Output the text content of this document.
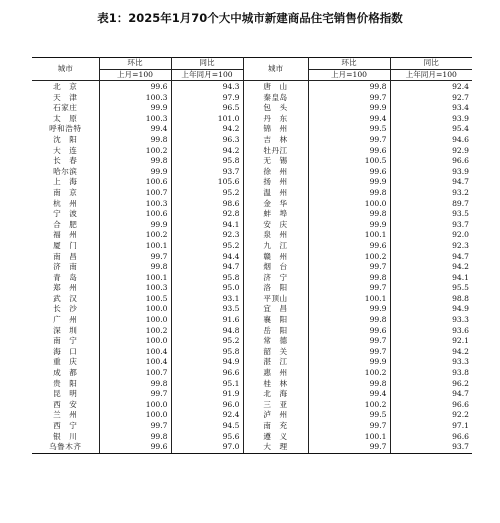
表1：2025年1月70个大中城市新建商品住宅销售价格指数
城市	环比	同比	城市	环比	同比
	上月=100	上年同月=100		上月=100	上年同月=100
北　京	99.6	94.3	唐　山	99.8	92.4
天　津	100.3	97.9	秦皇岛	99.7	92.7
石家庄	99.9	96.5	包　头	99.9	93.4
太　原	100.3	101.0	丹　东	99.4	93.9
呼和浩特	99.4	94.2	锦　州	99.5	95.4
沈　阳	99.8	96.3	吉　林	99.7	94.6
大　连	100.2	94.2	牡丹江	99.6	92.9
长　春	99.8	95.8	无　锡	100.5	96.6
哈尔滨	99.9	93.7	徐　州	99.6	93.9
上　海	100.6	105.6	扬　州	99.9	94.7
南　京	100.7	95.2	温　州	99.8	93.2
杭　州	100.3	98.6	金　华	100.0	89.7
宁　波	100.6	92.8	蚌　埠	99.8	93.5
合　肥	99.9	94.1	安　庆	99.9	93.7
福　州	100.2	92.3	泉　州	100.1	92.0
厦　门	100.1	95.2	九　江	99.6	92.3
南　昌	99.7	94.4	赣　州	100.2	94.7
济　南	99.8	94.7	烟　台	99.7	94.2
青　岛	100.1	95.8	济　宁	99.8	94.1
郑　州	100.3	95.0	洛　阳	99.7	95.5
武　汉	100.5	93.1	平顶山	100.1	98.8
长　沙	100.0	93.5	宜　昌	99.9	94.9
广　州	100.0	91.6	襄　阳	99.8	93.3
深　圳	100.2	94.8	岳　阳	99.6	93.6
南　宁	100.0	95.2	常　德	99.7	92.1
海　口	100.4	95.8	韶　关	99.7	94.2
重　庆	100.4	94.9	湛　江	99.9	93.3
成　都	100.7	96.6	惠　州	100.2	93.8
贵　阳	99.8	95.1	桂　林	99.8	96.2
昆　明	99.7	91.9	北　海	99.4	94.7
西　安	100.0	96.0	三　亚	100.2	96.6
兰　州	100.0	92.4	泸　州	99.5	92.2
西　宁	99.7	94.5	南　充	99.7	97.1
银　川	99.8	95.6	遵　义	100.1	96.6
乌鲁木齐	99.6	97.0	大　理	99.7	93.7
